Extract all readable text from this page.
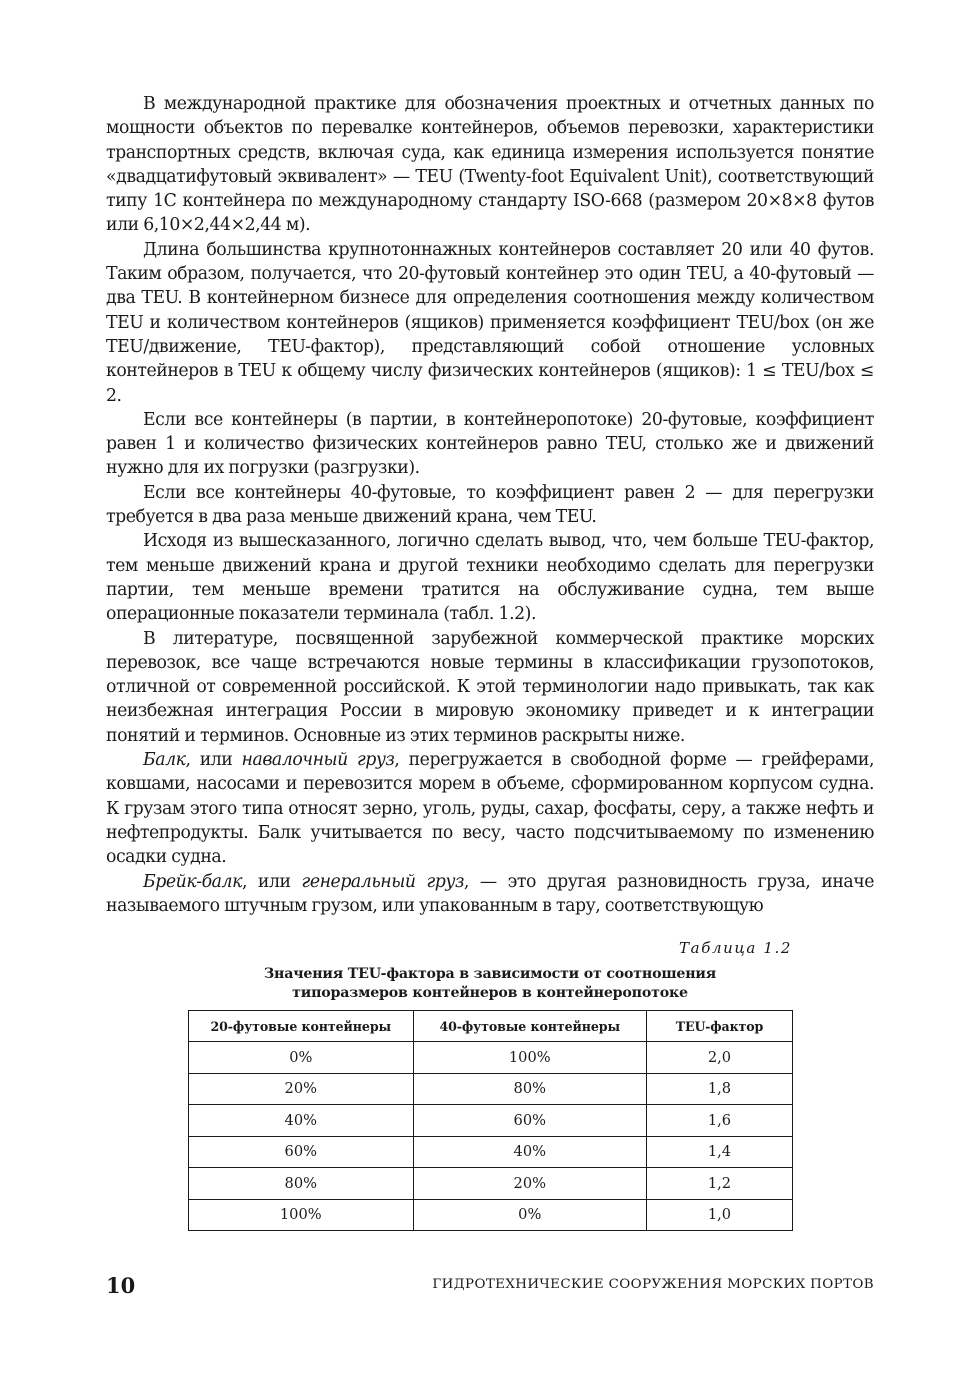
В международной практике для обозначения проектных и отчетных данных по мощности объектов по перевалке контейнеров, объемов перевозки, характеристики транспортных средств, включая суда, как единица измерения используется понятие «двадцатифутовый эквивалент» — TEU (Twenty-foot Equivalent Unit), соответствующий типу 1С контейнера по международному стандарту ISO-668 (размером 20×8×8 футов или 6,10×2,44×2,44 м).

Длина большинства крупнотоннажных контейнеров составляет 20 или 40 футов. Таким образом, получается, что 20-футовый контейнер это один TEU, а 40-футовый — два TEU. В контейнерном бизнесе для определения соотношения между количеством TEU и количеством контейнеров (ящиков) применяется коэффициент TEU/box (он же TEU/движение, TEU-фактор), представляющий собой отношение условных контейнеров в TEU к общему числу физических контейнеров (ящиков): 1 ≤ TEU/box ≤ 2.

Если все контейнеры (в партии, в контейнеропотоке) 20-футовые, коэффициент равен 1 и количество физических контейнеров равно TEU, столько же и движений нужно для их погрузки (разгрузки).

Если все контейнеры 40-футовые, то коэффициент равен 2 — для перегрузки требуется в два раза меньше движений крана, чем TEU.

Исходя из вышесказанного, логично сделать вывод, что, чем больше TEU-фактор, тем меньше движений крана и другой техники необходимо сделать для перегрузки партии, тем меньше времени тратится на обслуживание судна, тем выше операционные показатели терминала (табл. 1.2).

В литературе, посвященной зарубежной коммерческой практике морских перевозок, все чаще встречаются новые термины в классификации грузопотоков, отличной от современной российской. К этой терминологии надо привыкать, так как неизбежная интеграция России в мировую экономику приведет и к интеграции понятий и терминов. Основные из этих терминов раскрыты ниже.

Балк, или навалочный груз, перегружается в свободной форме — грейферами, ковшами, насосами и перевозится морем в объеме, сформированном корпусом судна. К грузам этого типа относят зерно, уголь, руды, сахар, фосфаты, серу, а также нефть и нефтепродукты. Балк учитывается по весу, часто подсчитываемому по изменению осадки судна.

Брейк-балк, или генеральный груз, — это другая разновидность груза, иначе называемого штучным грузом, или упакованным в тару, соответствующую

Таблица 1.2
Значения TEU-фактора в зависимости от соотношения
типоразмеров контейнеров в контейнеропотоке
20-футовые контейнеры	40-футовые контейнеры	TEU-фактор
0%	100%	2,0
20%	80%	1,8
40%	60%	1,6
60%	40%	1,4
80%	20%	1,2
100%	0%	1,0
10	ГИДРОТЕХНИЧЕСКИЕ СООРУЖЕНИЯ МОРСКИХ ПОРТОВ
